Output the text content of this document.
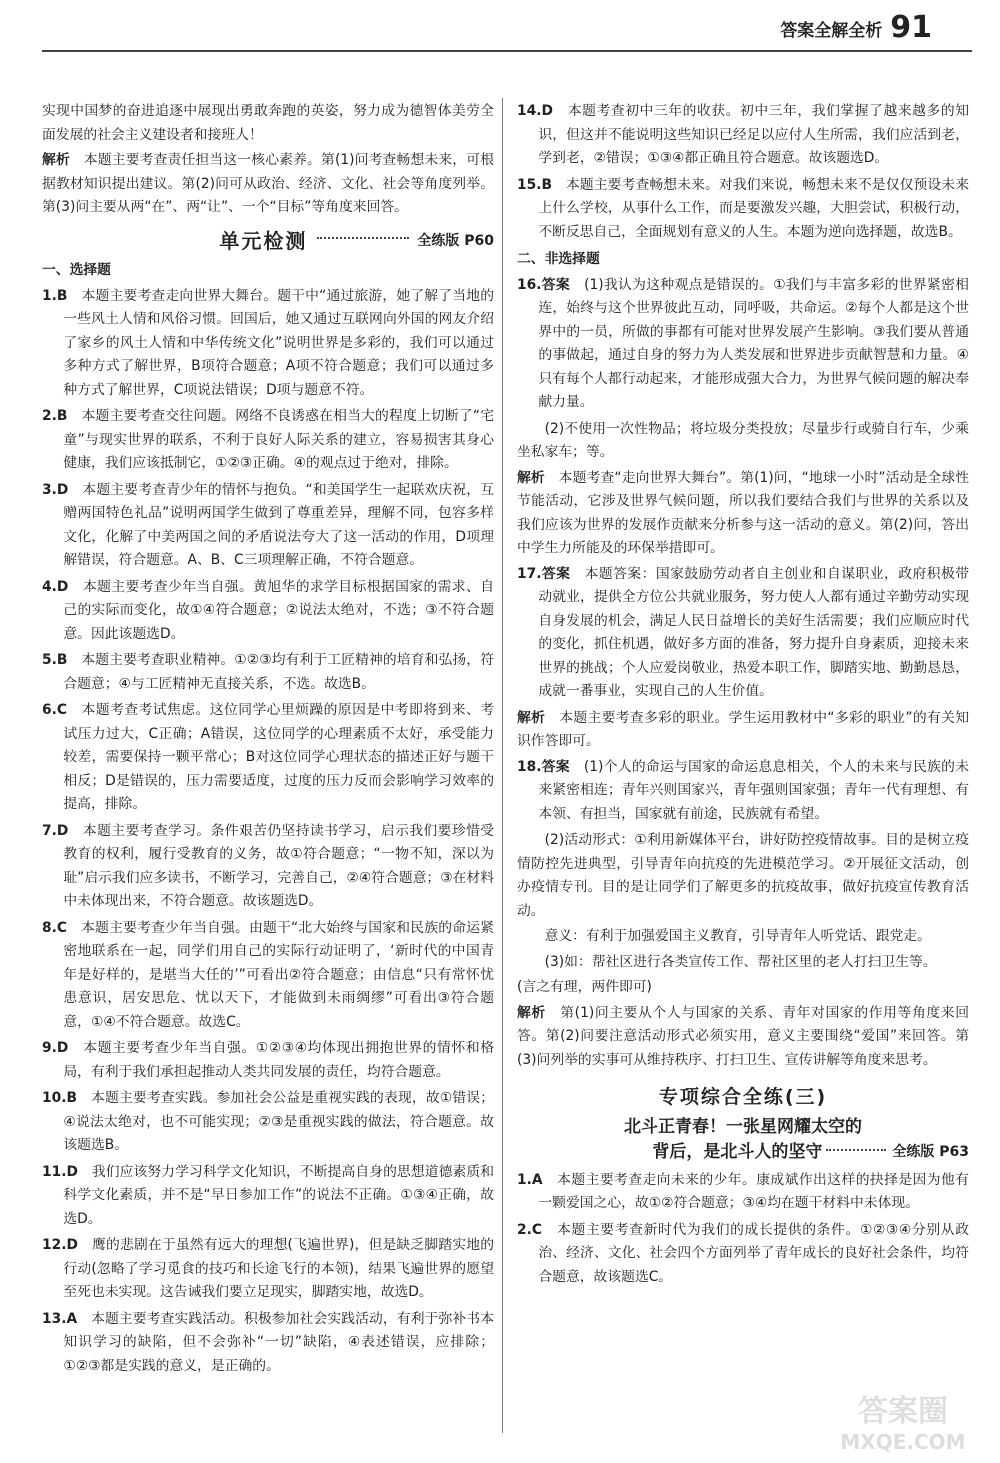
答案全解全析 91

实现中国梦的奋进追逐中展现出勇敢奔跑的英姿，努力成为德智体美劳全面发展的社会主义建设者和接班人！

解析　 本题主要考查责任担当这一核心素养。第(1)问考查畅想未来，可根据教材知识提出建议。第(2)问可从政治、经济、文化、社会等角度列举。第(3)问主要从两“在”、两“让”、一个“目标”等角度来回答。

单元检测	全练版 P60
一、选择题

1.B　 本题主要考查走向世界大舞台。题干中“通过旅游，她了解了当地的一些风土人情和风俗习惯。回国后，她又通过互联网向外国的网友介绍了家乡的风土人情和中华传统文化”说明世界是多彩的，我们可以通过多种方式了解世界，B项符合题意；A项不符合题意；我们可以通过多种方式了解世界，C项说法错误；D项与题意不符。

2.B　 本题主要考查交往问题。网络不良诱惑在相当大的程度上切断了“宅童”与现实世界的联系，不利于良好人际关系的建立，容易损害其身心健康，我们应该抵制它，①②③正确。④的观点过于绝对，排除。

3.D　 本题主要考查青少年的情怀与抱负。“和美国学生一起联欢庆祝，互赠两国特色礼品”说明两国学生做到了尊重差异，理解不同，包容多样文化，化解了中美两国之间的矛盾说法夸大了这一活动的作用，D项理解错误，符合题意。A、B、C三项理解正确，不符合题意。

4.D　 本题主要考查少年当自强。黄旭华的求学目标根据国家的需求、自己的实际而变化，故①④符合题意；②说法太绝对，不选；③不符合题意。因此该题选D。

5.B　 本题主要考查职业精神。①②③均有利于工匠精神的培育和弘扬，符合题意；④与工匠精神无直接关系，不选。故选B。

6.C　 本题考查考试焦虑。这位同学心里烦躁的原因是中考即将到来、考试压力过大，C正确；A错误，这位同学的心理素质不太好，承受能力较差，需要保持一颗平常心；B对这位同学心理状态的描述正好与题干相反；D是错误的，压力需要适度，过度的压力反而会影响学习效率的提高，排除。

7.D　 本题主要考查学习。条件艰苦仍坚持读书学习，启示我们要珍惜受教育的权利，履行受教育的义务，故①符合题意；“一物不知，深以为耻”启示我们应多读书，不断学习，完善自己，②④符合题意；③在材料中未体现出来，不符合题意。故该题选D。

8.C　 本题主要考查少年当自强。由题干“北大始终与国家和民族的命运紧密地联系在一起，同学们用自己的实际行动证明了，‘新时代的中国青年是好样的，是堪当大任的’”可看出②符合题意；由信息“只有常怀忧患意识，居安思危、忧以天下，才能做到未雨绸缪”可看出③符合题意，①④不符合题意。故选C。

9.D　 本题主要考查少年当自强。①②③④均体现出拥抱世界的情怀和格局，有利于我们承担起推动人类共同发展的责任，均符合题意。

10.B　 本题主要考查实践。参加社会公益是重视实践的表现，故①错误；④说法太绝对，也不可能实现；②③是重视实践的做法，符合题意。故该题选B。

11.D　 我们应该努力学习科学文化知识，不断提高自身的思想道德素质和科学文化素质，并不是“早日参加工作”的说法不正确。①③④正确，故选D。

12.D　 鹰的悲剧在于虽然有远大的理想(飞遍世界)，但是缺乏脚踏实地的行动(忽略了学习觅食的技巧和长途飞行的本领)，结果飞遍世界的愿望至死也未实现。这告诫我们要立足现实，脚踏实地，故选D。

13.A　 本题主要考查实践活动。积极参加社会实践活动，有利于弥补书本知识学习的缺陷，但不会弥补“一切”缺陷，④表述错误，应排除；①②③都是实践的意义，是正确的。

14.D　 本题考查初中三年的收获。初中三年，我们掌握了越来越多的知识，但这并不能说明这些知识已经足以应付人生所需，我们应活到老，学到老，②错误；①③④都正确且符合题意。故该题选D。

15.B　 本题主要考查畅想未来。对我们来说，畅想未来不是仅仅预设未来上什么学校，从事什么工作，而是要激发兴趣，大胆尝试，积极行动，不断反思自己，全面规划有意义的人生。本题为逆向选择题，故选B。

二、非选择题

16.答案　 (1)我认为这种观点是错误的。①我们与丰富多彩的世界紧密相连，始终与这个世界彼此互动，同呼吸，共命运。②每个人都是这个世界中的一员，所做的事都有可能对世界发展产生影响。③我们要从普通的事做起，通过自身的努力为人类发展和世界进步贡献智慧和力量。④只有每个人都行动起来，才能形成强大合力，为世界气候问题的解决奉献力量。

(2)不使用一次性物品；将垃圾分类投放；尽量步行或骑自行车，少乘坐私家车；等。

解析　 本题考查“走向世界大舞台”。第(1)问，“地球一小时”活动是全球性节能活动，它涉及世界气候问题，所以我们要结合我们与世界的关系以及我们应该为世界的发展作贡献来分析参与这一活动的意义。第(2)问，答出中学生力所能及的环保举措即可。

17.答案　 本题答案：国家鼓励劳动者自主创业和自谋职业，政府积极带动就业，提供全方位公共就业服务，努力使人人都有通过辛勤劳动实现自身发展的机会，满足人民日益增长的美好生活需要；我们应顺应时代的变化，抓住机遇，做好多方面的准备，努力提升自身素质，迎接未来世界的挑战；个人应爱岗敬业，热爱本职工作，脚踏实地、勤勤恳恳，成就一番事业，实现自己的人生价值。

解析　 本题主要考查多彩的职业。学生运用教材中“多彩的职业”的有关知识作答即可。

18.答案　 (1)个人的命运与国家的命运息息相关，个人的未来与民族的未来紧密相连；青年兴则国家兴，青年强则国家强；青年一代有理想、有本领、有担当，国家就有前途，民族就有希望。

(2)活动形式：①利用新媒体平台，讲好防控疫情故事。目的是树立疫情防控先进典型，引导青年向抗疫的先进模范学习。②开展征文活动，创办疫情专刊。目的是让同学们了解更多的抗疫故事，做好抗疫宣传教育活动。

意义：有利于加强爱国主义教育，引导青年人听党话、跟党走。

(3)如：帮社区进行各类宣传工作、帮社区里的老人打扫卫生等。

(言之有理，两件即可)

解析　 第(1)问主要从个人与国家的关系、青年对国家的作用等角度来回答。第(2)问要注意活动形式必须实用，意义主要围绕“爱国”来回答。第(3)问列举的实事可从维持秩序、打扫卫生、宣传讲解等角度来思考。

专项综合全练(三)
北斗正青春！一张星网耀太空的
背后，是北斗人的坚守	全练版 P63

1.A　 本题主要考查走向未来的少年。康成斌作出这样的抉择是因为他有一颗爱国之心，故①②符合题意；③④均在题干材料中未体现。

2.C　 本题主要考查新时代为我们的成长提供的条件。①②③④分别从政治、经济、文化、社会四个方面列举了青年成长的良好社会条件，均符合题意，故该题选C。

答案圈
MXQE.COM
